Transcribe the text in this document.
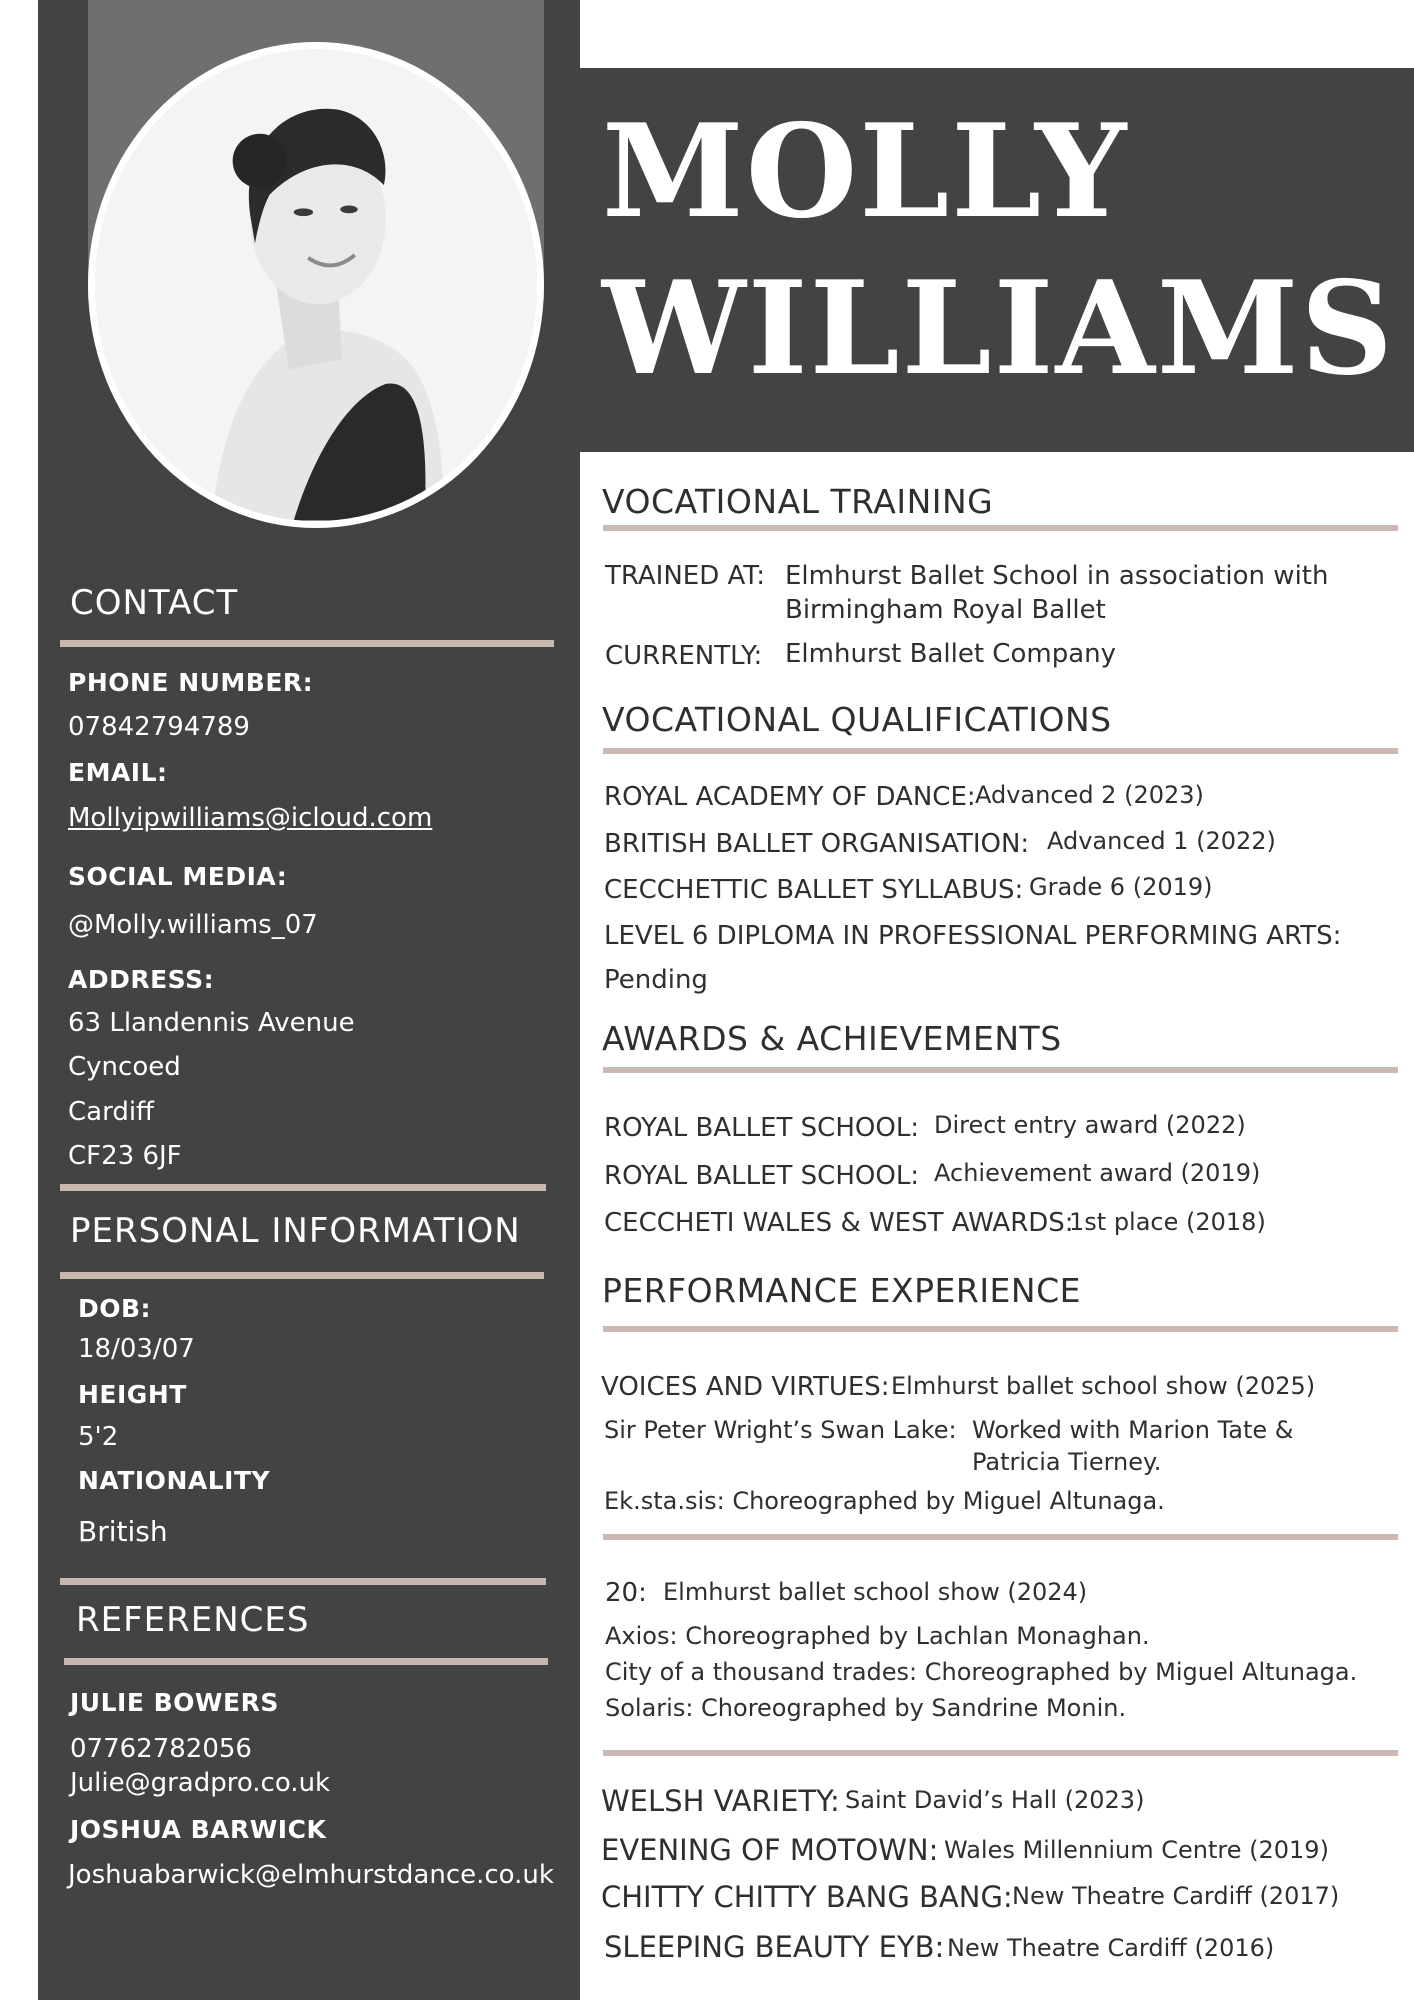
CONTACT
PHONE NUMBER:
07842794789
EMAIL:
Mollyipwilliams@icloud.com
SOCIAL MEDIA:
@Molly.williams_07
ADDRESS:
63 Llandennis Avenue
Cyncoed
Cardiff
CF23 6JF
PERSONAL INFORMATION
DOB:
18/03/07
HEIGHT
5'2
NATIONALITY
British
REFERENCES
JULIE BOWERS
07762782056
Julie@gradpro.co.uk
JOSHUA BARWICK
Joshuabarwick@elmhurstdance.co.uk
MOLLY
WILLIAMS
VOCATIONAL TRAINING
TRAINED AT: Elmhurst Ballet School in association with
Birmingham Royal Ballet
CURRENTLY: Elmhurst Ballet Company
VOCATIONAL QUALIFICATIONS
ROYAL ACADEMY OF DANCE: Advanced 2 (2023)
BRITISH BALLET ORGANISATION: Advanced 1 (2022)
CECCHETTIC BALLET SYLLABUS: Grade 6 (2019)
LEVEL 6 DIPLOMA IN PROFESSIONAL PERFORMING ARTS:
Pending
AWARDS & ACHIEVEMENTS
ROYAL BALLET SCHOOL: Direct entry award (2022)
ROYAL BALLET SCHOOL: Achievement award (2019)
CECCHETI WALES & WEST AWARDS:
1st place (2018)
PERFORMANCE EXPERIENCE
VOICES AND VIRTUES: Elmhurst ballet school show (2025)
Sir Peter Wright’s Swan Lake: Worked with Marion Tate &
Patricia Tierney.
Ek.sta.sis: Choreographed by Miguel Altunaga.
20: Elmhurst ballet school show (2024)
Axios: Choreographed by Lachlan Monaghan.
City of a thousand trades: Choreographed by Miguel Altunaga.
Solaris: Choreographed by Sandrine Monin.
WELSH VARIETY: Saint David’s Hall (2023)
EVENING OF MOTOWN: Wales Millennium Centre (2019)
CHITTY CHITTY BANG BANG: New Theatre Cardiff (2017)
SLEEPING BEAUTY EYB: New Theatre Cardiff (2016)
